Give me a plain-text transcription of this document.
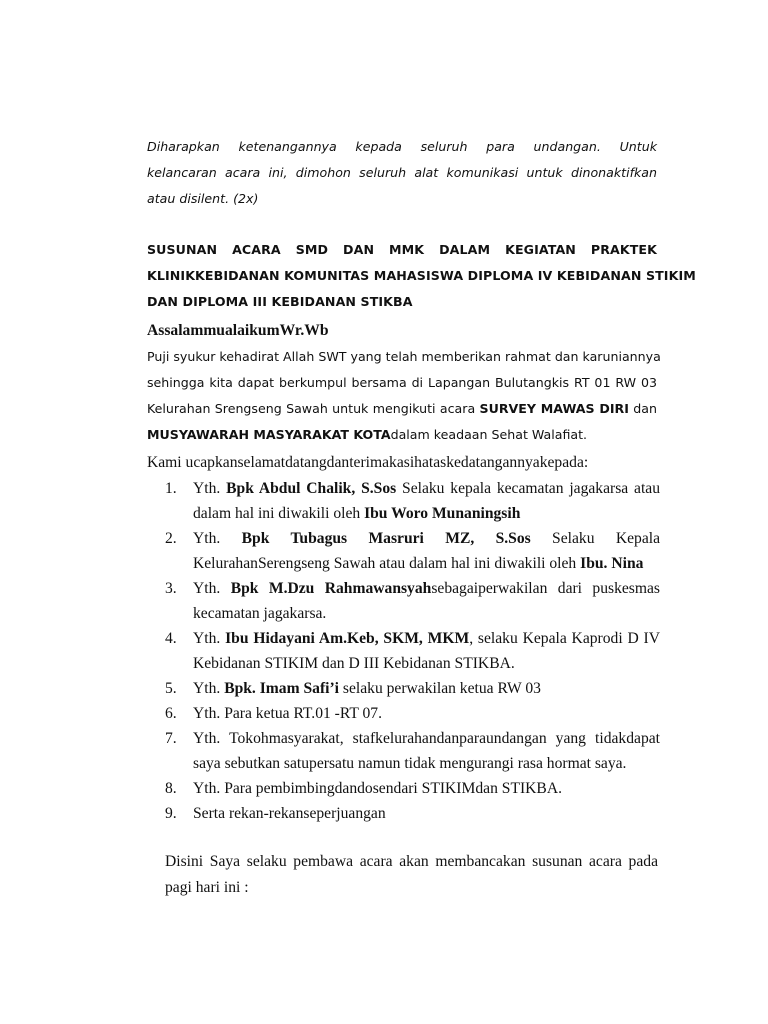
Diharapkan ketenangannya kepada seluruh para undangan. Untuk
kelancaran acara ini, dimohon seluruh alat komunikasi untuk dinonaktifkan
atau disilent. (2x)
SUSUNAN ACARA SMD DAN MMK DALAM KEGIATAN PRAKTEK
KLINIKKEBIDANAN KOMUNITAS MAHASISWA DIPLOMA IV KEBIDANAN STIKIM
DAN DIPLOMA III KEBIDANAN STIKBA
AssalammualaikumWr.Wb
Puji syukur kehadirat Allah SWT yang telah memberikan rahmat dan karuniannya
sehingga kita dapat berkumpul bersama di Lapangan Bulutangkis RT 01 RW 03
Kelurahan Srengseng Sawah untuk mengikuti acara SURVEY MAWAS DIRI dan
MUSYAWARAH MASYARAKAT KOTAdalam keadaan Sehat Walafiat.
Kami ucapkanselamatdatangdanterimakasihataskedatangannyakepada:
1.	Yth. Bpk Abdul Chalik, S.Sos Selaku kepala kecamatan jagakarsa atau
dalam hal ini diwakili oleh Ibu Woro Munaningsih
2.	Yth. Bpk Tubagus Masruri MZ, S.Sos Selaku Kepala
KelurahanSerengseng Sawah atau dalam hal ini diwakili oleh Ibu. Nina
3.	Yth. Bpk M.Dzu Rahmawansyahsebagaiperwakilan dari puskesmas
kecamatan jagakarsa.
4.	Yth. Ibu Hidayani Am.Keb, SKM, MKM, selaku Kepala Kaprodi D IV
Kebidanan STIKIM dan D III Kebidanan STIKBA.
5.	Yth. Bpk. Imam Safi’i selaku perwakilan ketua RW 03
6.	Yth. Para ketua RT.01 -RT 07.
7.	Yth. Tokohmasyarakat, stafkelurahandanparaundangan yang tidakdapat
saya sebutkan satupersatu namun tidak mengurangi rasa hormat saya.
8.	Yth. Para pembimbingdandosendari STIKIMdan STIKBA.
9.	Serta rekan-rekanseperjuangan
Disini Saya selaku pembawa acara akan membancakan susunan acara pada
pagi hari ini :
